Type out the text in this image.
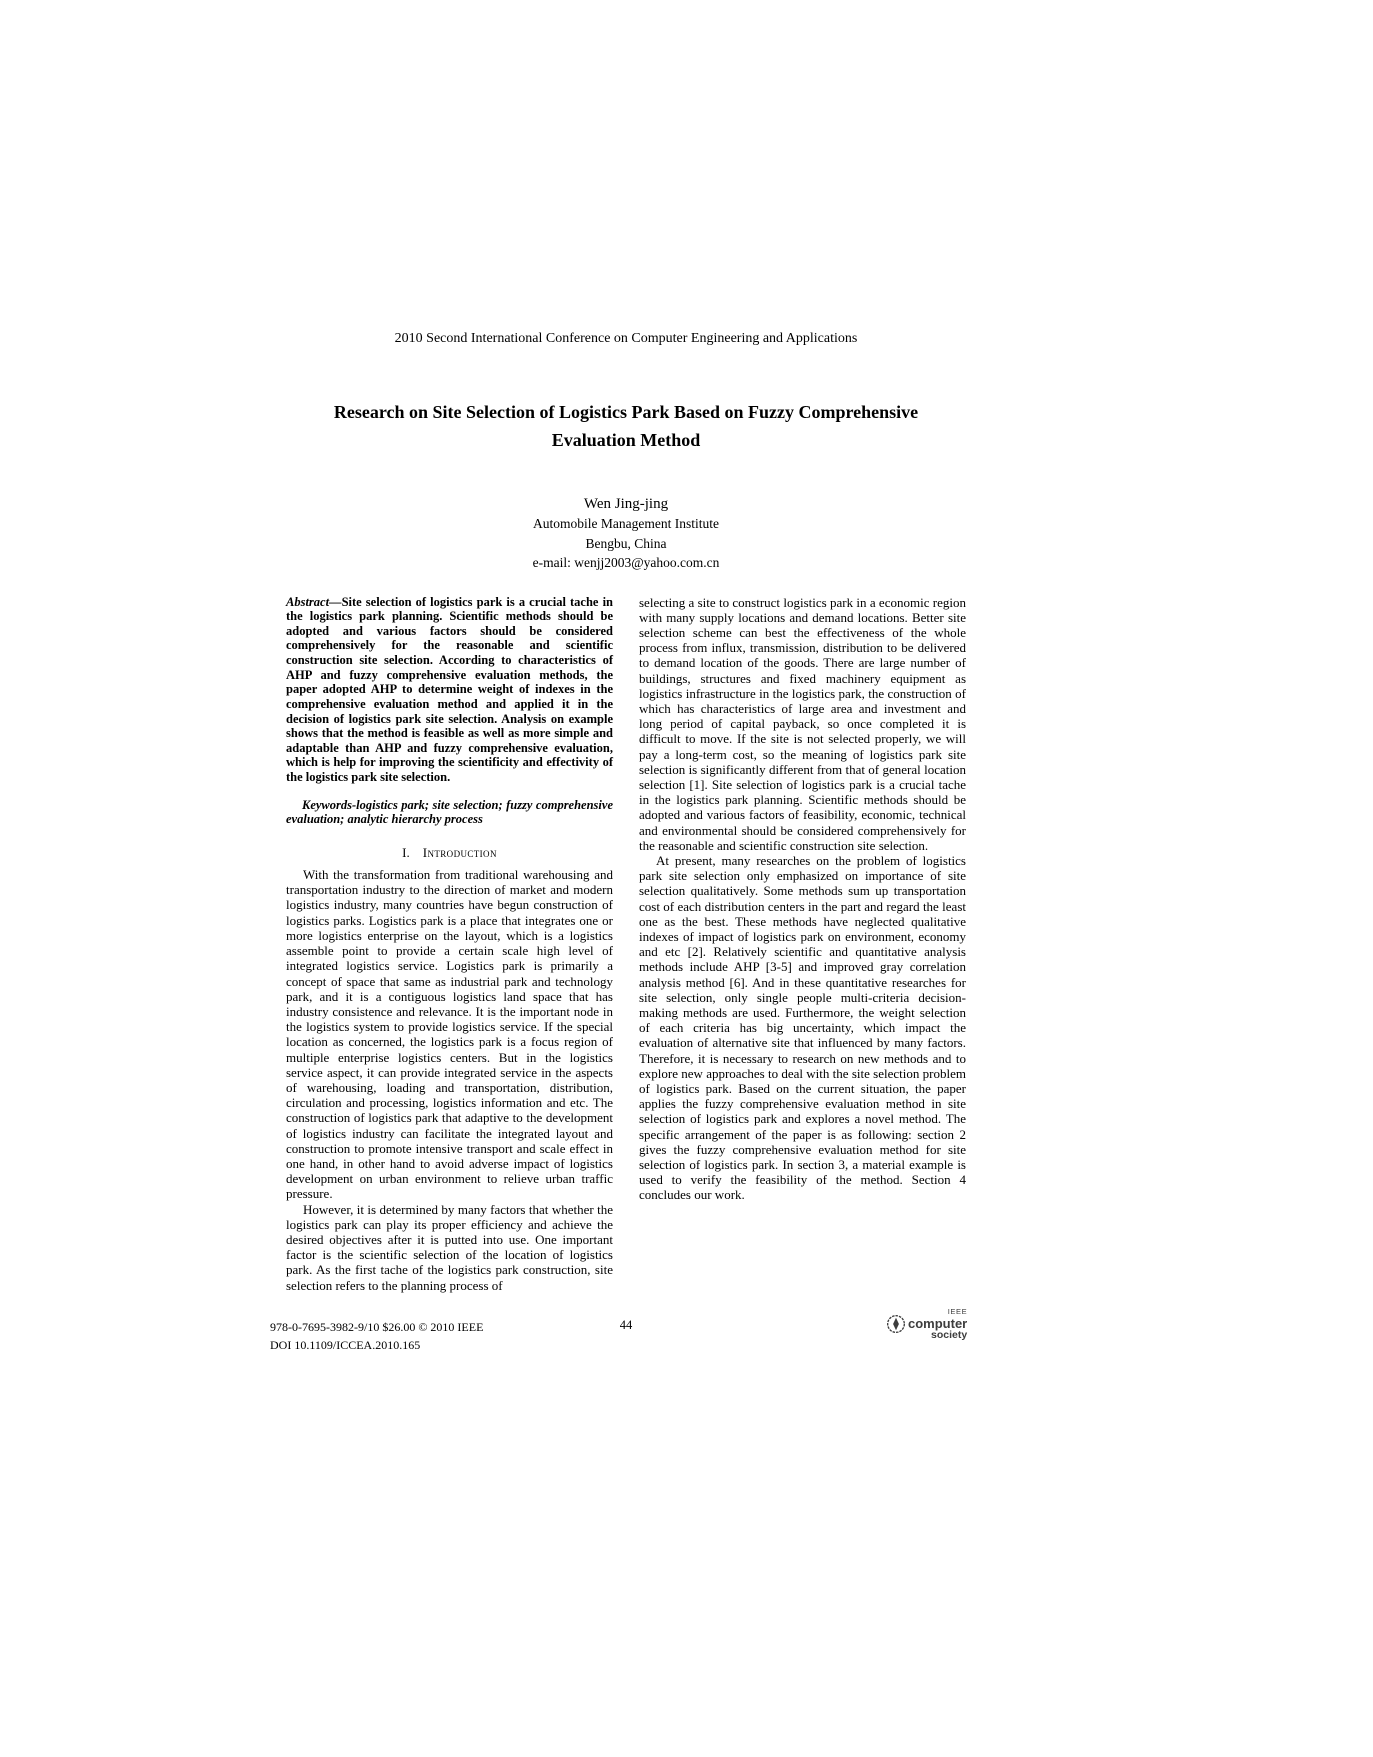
2010 Second International Conference on Computer Engineering and Applications
Research on Site Selection of Logistics Park Based on Fuzzy Comprehensive
Evaluation Method
Wen Jing-jing
Automobile Management Institute
Bengbu, China
e-mail: wenjj2003@yahoo.com.cn

Abstract—Site selection of logistics park is a crucial tache in the logistics park planning. Scientific methods should be adopted and various factors should be considered comprehensively for the reasonable and scientific construction site selection. According to characteristics of AHP and fuzzy comprehensive evaluation methods, the paper adopted AHP to determine weight of indexes in the comprehensive evaluation method and applied it in the decision of logistics park site selection. Analysis on example shows that the method is feasible as well as more simple and adaptable than AHP and fuzzy comprehensive evaluation, which is help for improving the scientificity and effectivity of the logistics park site selection.

Keywords-logistics park; site selection; fuzzy comprehensive evaluation; analytic hierarchy process

I. Introduction

With the transformation from traditional warehousing and transportation industry to the direction of market and modern logistics industry, many countries have begun construction of logistics parks. Logistics park is a place that integrates one or more logistics enterprise on the layout, which is a logistics assemble point to provide a certain scale high level of integrated logistics service. Logistics park is primarily a concept of space that same as industrial park and technology park, and it is a contiguous logistics land space that has industry consistence and relevance. It is the important node in the logistics system to provide logistics service. If the special location as concerned, the logistics park is a focus region of multiple enterprise logistics centers. But in the logistics service aspect, it can provide integrated service in the aspects of warehousing, loading and transportation, distribution, circulation and processing, logistics information and etc. The construction of logistics park that adaptive to the development of logistics industry can facilitate the integrated layout and construction to promote intensive transport and scale effect in one hand, in other hand to avoid adverse impact of logistics development on urban environment to relieve urban traffic pressure.

However, it is determined by many factors that whether the logistics park can play its proper efficiency and achieve the desired objectives after it is putted into use. One important factor is the scientific selection of the location of logistics park. As the first tache of the logistics park construction, site selection refers to the planning process of

selecting a site to construct logistics park in a economic region with many supply locations and demand locations. Better site selection scheme can best the effectiveness of the whole process from influx, transmission, distribution to be delivered to demand location of the goods. There are large number of buildings, structures and fixed machinery equipment as logistics infrastructure in the logistics park, the construction of which has characteristics of large area and investment and long period of capital payback, so once completed it is difficult to move. If the site is not selected properly, we will pay a long-term cost, so the meaning of logistics park site selection is significantly different from that of general location selection [1]. Site selection of logistics park is a crucial tache in the logistics park planning. Scientific methods should be adopted and various factors of feasibility, economic, technical and environmental should be considered comprehensively for the reasonable and scientific construction site selection.

At present, many researches on the problem of logistics park site selection only emphasized on importance of site selection qualitatively. Some methods sum up transportation cost of each distribution centers in the part and regard the least one as the best. These methods have neglected qualitative indexes of impact of logistics park on environment, economy and etc [2]. Relatively scientific and quantitative analysis methods include AHP [3-5] and improved gray correlation analysis method [6]. And in these quantitative researches for site selection, only single people multi-criteria decision-making methods are used. Furthermore, the weight selection of each criteria has big uncertainty, which impact the evaluation of alternative site that influenced by many factors. Therefore, it is necessary to research on new methods and to explore new approaches to deal with the site selection problem of logistics park. Based on the current situation, the paper applies the fuzzy comprehensive evaluation method in site selection of logistics park and explores a novel method. The specific arrangement of the paper is as following: section 2 gives the fuzzy comprehensive evaluation method for site selection of logistics park. In section 3, a material example is used to verify the feasibility of the method. Section 4 concludes our work.

978-0-7695-3982-9/10 $26.00 © 2010 IEEE
DOI 10.1109/ICCEA.2010.165
44
IEEE
computer
society
